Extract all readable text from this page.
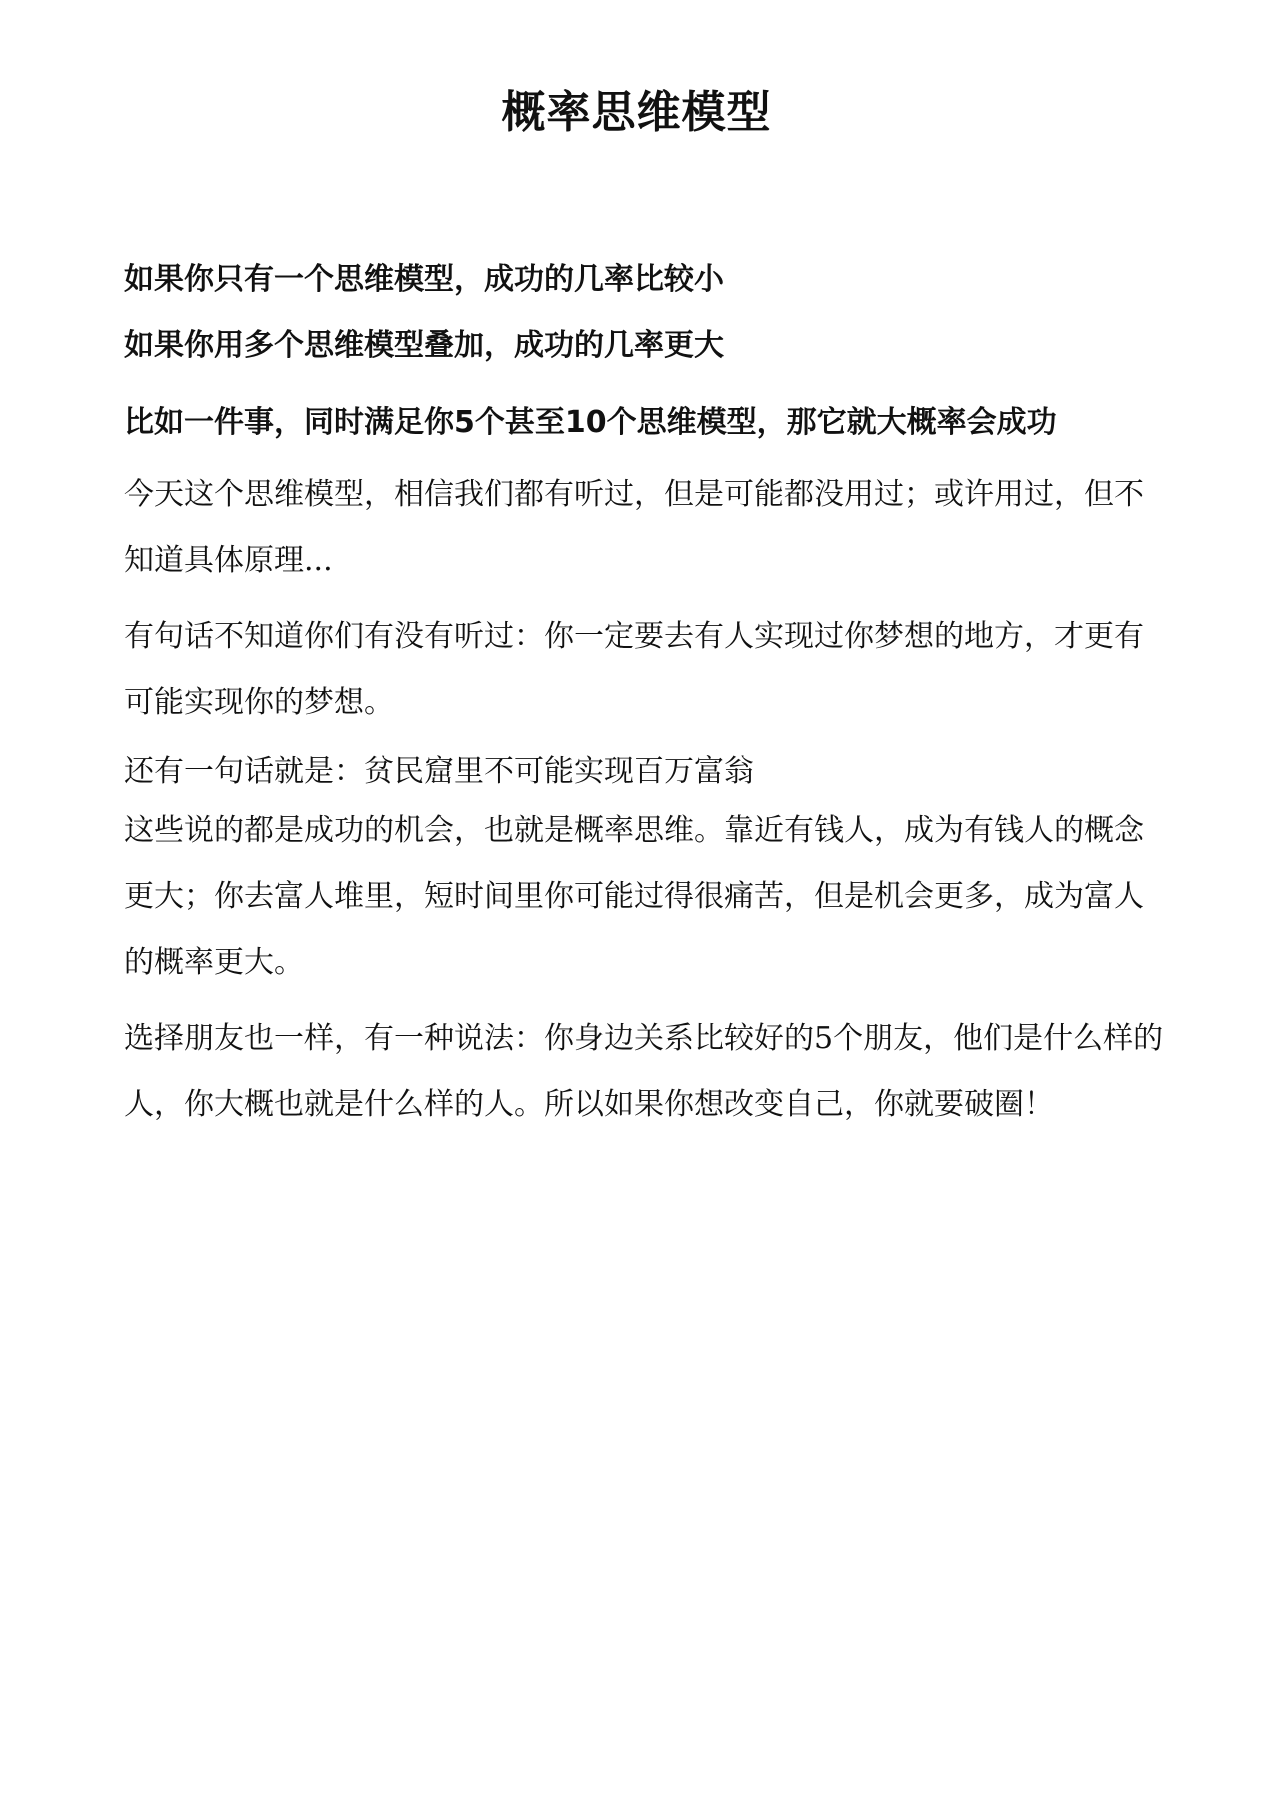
概率思维模型
如果你只有一个思维模型，成功的几率比较小
如果你用多个思维模型叠加，成功的几率更大
比如一件事，同时满足你5个甚至10个思维模型，那它就大概率会成功
今天这个思维模型，相信我们都有听过，但是可能都没用过；或许用过，但不知道具体原理...
有句话不知道你们有没有听过：你一定要去有人实现过你梦想的地方，才更有可能实现你的梦想。
还有一句话就是：贫民窟里不可能实现百万富翁
这些说的都是成功的机会，也就是概率思维。靠近有钱人，成为有钱人的概念更大；你去富人堆里，短时间里你可能过得很痛苦，但是机会更多，成为富人的概率更大。
选择朋友也一样，有一种说法：你身边关系比较好的5个朋友，他们是什么样的人，你大概也就是什么样的人。所以如果你想改变自己，你就要破圈！
